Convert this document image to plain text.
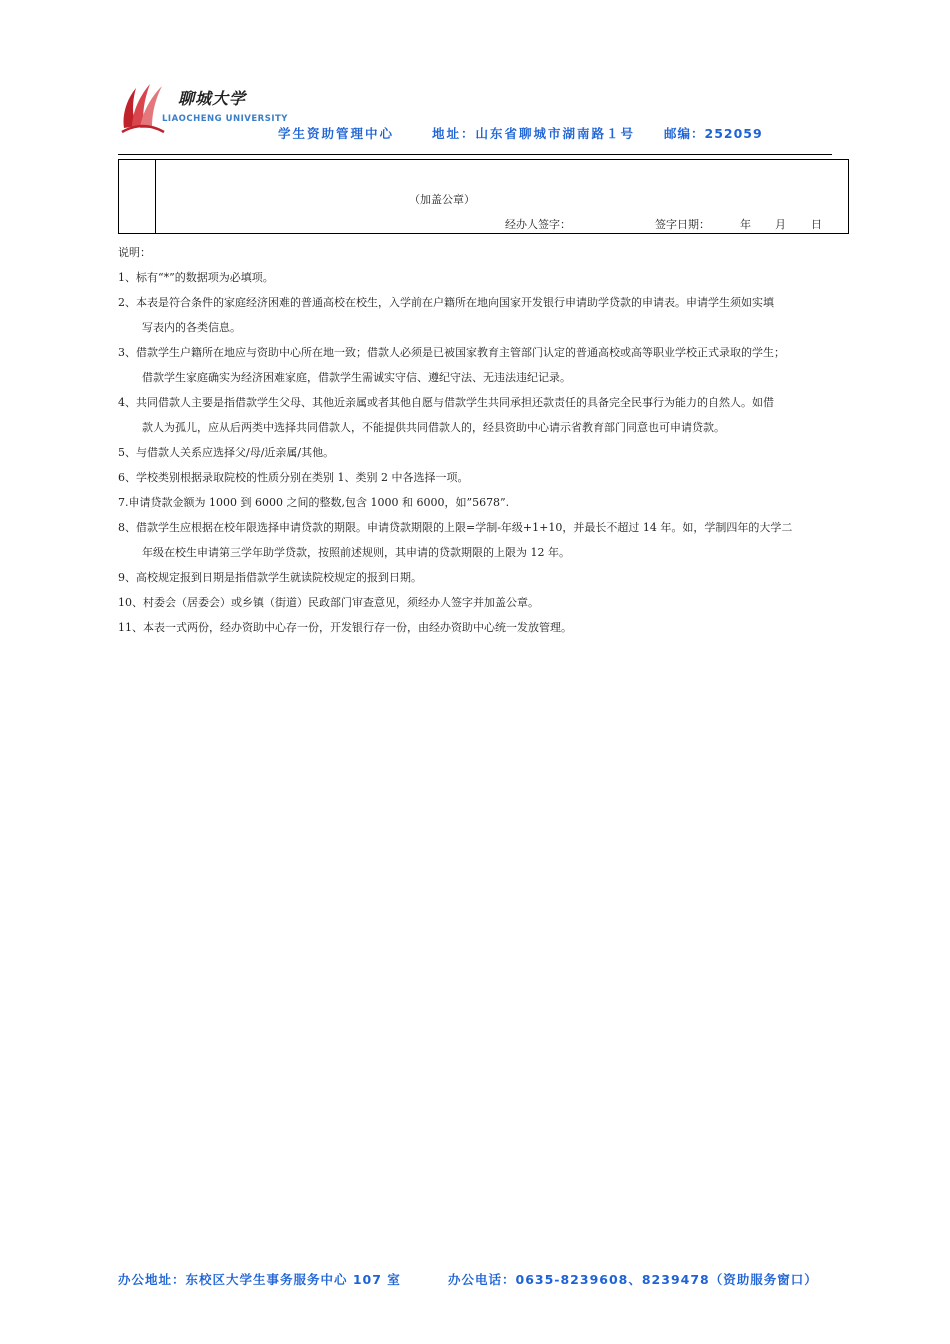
聊城大学
LIAOCHENG UNIVERSITY
学生资助管理中心	地址：山东省聊城市湖南路１号 邮编：252059
（加盖公章）
经办人签字：	签字日期：	年 月 日

说明：

1、标有“*”的数据项为必填项。

2、本表是符合条件的家庭经济困难的普通高校在校生，入学前在户籍所在地向国家开发银行申请助学贷款的申请表。申请学生须如实填

写表内的各类信息。

3、借款学生户籍所在地应与资助中心所在地一致；借款人必须是已被国家教育主管部门认定的普通高校或高等职业学校正式录取的学生；

借款学生家庭确实为经济困难家庭，借款学生需诚实守信、遵纪守法、无违法违纪记录。

4、共同借款人主要是指借款学生父母、其他近亲属或者其他自愿与借款学生共同承担还款责任的具备完全民事行为能力的自然人。如借

款人为孤儿，应从后两类中选择共同借款人，不能提供共同借款人的，经县资助中心请示省教育部门同意也可申请贷款。

5、与借款人关系应选择父/母/近亲属/其他。

6、学校类别根据录取院校的性质分别在类别 1、类别 2 中各选择一项。

7.申请贷款金额为 1000 到 6000 之间的整数,包含 1000 和 6000，如”5678”.

8、借款学生应根据在校年限选择申请贷款的期限。申请贷款期限的上限=学制-年级+1+10，并最长不超过 14 年。如，学制四年的大学二

年级在校生申请第三学年助学贷款，按照前述规则，其申请的贷款期限的上限为 12 年。

9、高校规定报到日期是指借款学生就读院校规定的报到日期。

10、村委会（居委会）或乡镇（街道）民政部门审查意见，须经办人签字并加盖公章。

11、本表一式两份，经办资助中心存一份，开发银行存一份，由经办资助中心统一发放管理。

办公地址：东校区大学生事务服务中心 107 室	办公电话：0635-8239608、8239478（资助服务窗口）
